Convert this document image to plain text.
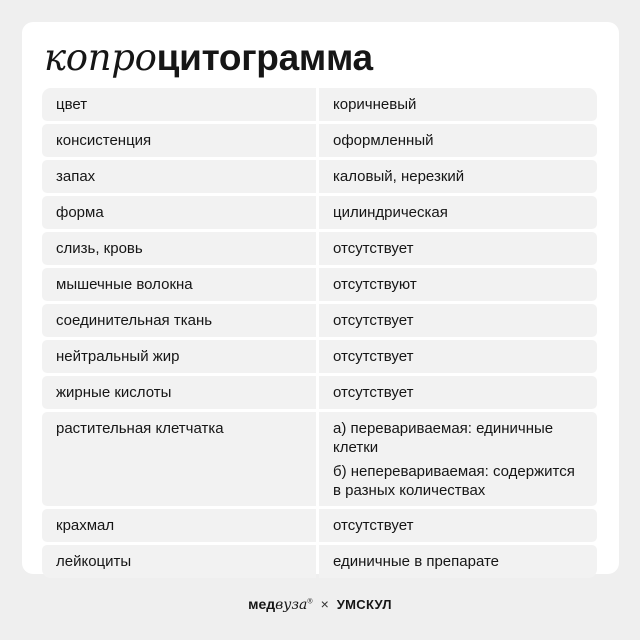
копроцитограмма
цвет	коричневый
консистенция	оформленный
запах	каловый, нерезкий
форма	цилиндрическая
слизь, кровь	отсутствует
мышечные волокна	отсутствуют
соединительная ткань	отсутствует
нейтральный жир	отсутствует
жирные кислоты	отсутствует
растительная клетчатка	а) перевариваемая: единичные клетки
б) неперевариваемая: содержится в разных количествах
крахмал	отсутствует
лейкоциты	единичные в препарате
медвуза® × УМСКУЛ
